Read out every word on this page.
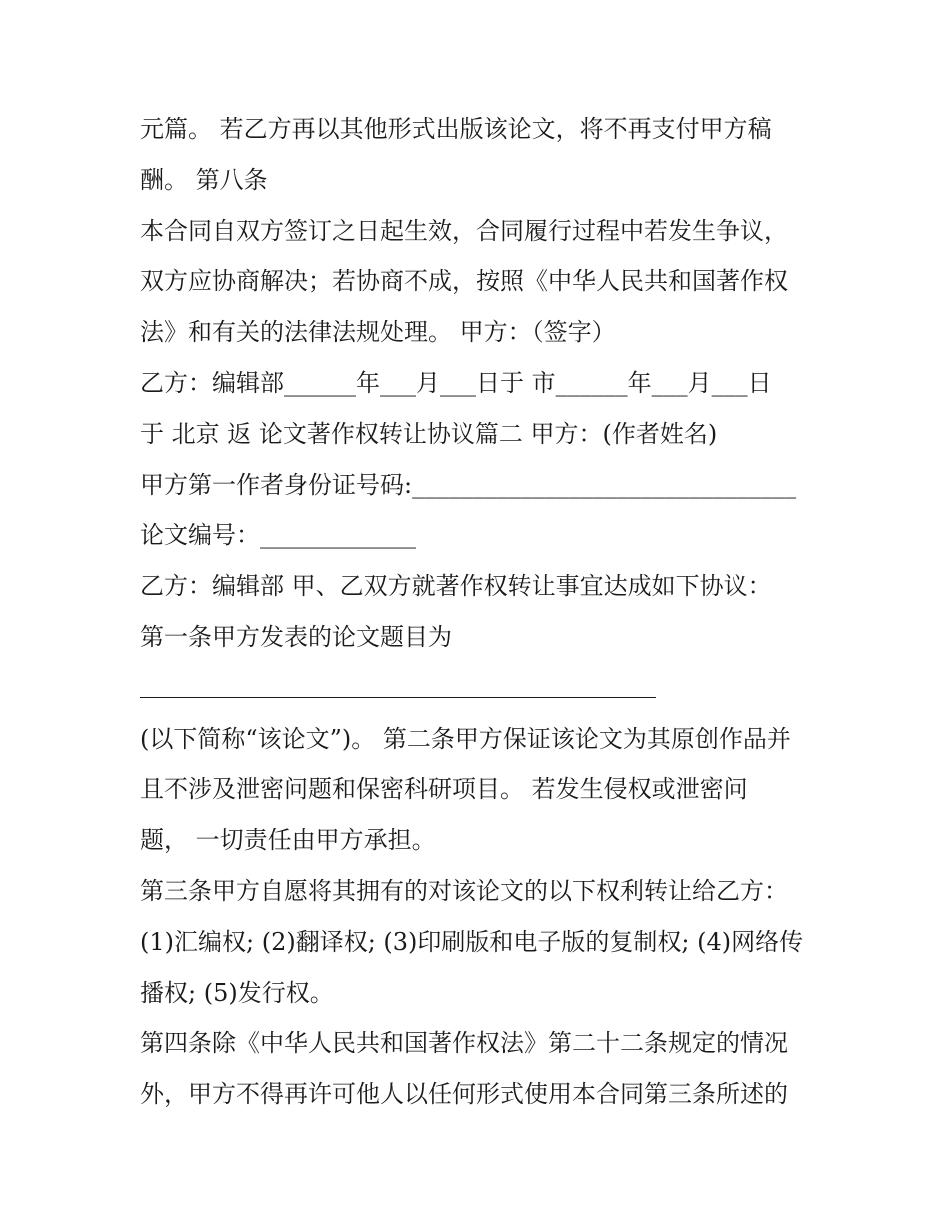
元篇。 若乙方再以其他形式出版该论文，将不再支付甲方稿
酬。 第八条
本合同自双方签订之日起生效，合同履行过程中若发生争议，
双方应协商解决；若协商不成，按照《中华人民共和国著作权
法》和有关的法律法规处理。 甲方：（签字）
乙方：编辑部______年___月___日于 市______年___月___日
于 北京 返 论文著作权转让协议篇二 甲方：(作者姓名)
甲方第一作者身份证号码:________________________________
论文编号：_____________
乙方：编辑部 甲、乙双方就著作权转让事宜达成如下协议：
第一条甲方发表的论文题目为
(以下简称“该论文”)。 第二条甲方保证该论文为其原创作品并
且不涉及泄密问题和保密科研项目。 若发生侵权或泄密问
题， 一切责任由甲方承担。
第三条甲方自愿将其拥有的对该论文的以下权利转让给乙方：
(1)汇编权; (2)翻译权; (3)印刷版和电子版的复制权; (4)网络传
播权; (5)发行权。
第四条除《中华人民共和国著作权法》第二十二条规定的情况
外，甲方不得再许可他人以任何形式使用本合同第三条所述的
